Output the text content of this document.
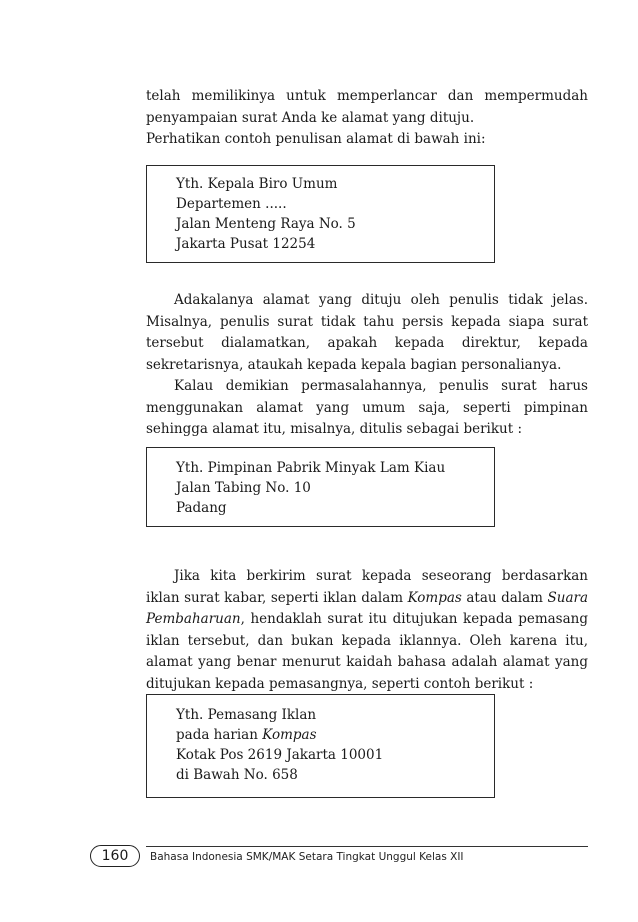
telah memilikinya untuk memperlancar dan mempermudah penyampaian surat Anda ke alamat yang dituju.

Perhatikan contoh penulisan alamat di bawah ini:

Yth. Kepala Biro Umum
Departemen .....
Jalan Menteng Raya No. 5
Jakarta Pusat 12254

Adakalanya alamat yang dituju oleh penulis tidak jelas. Misalnya, penulis surat tidak tahu persis kepada siapa surat tersebut dialamatkan, apakah kepada direktur, kepada sekretarisnya, ataukah kepada kepala bagian personalianya.

Kalau demikian permasalahannya, penulis surat harus menggunakan alamat yang umum saja, seperti pimpinan sehingga alamat itu, misalnya, ditulis sebagai berikut :

Yth. Pimpinan Pabrik Minyak Lam Kiau
Jalan Tabing No. 10
Padang

Jika kita berkirim surat kepada seseorang berdasarkan iklan surat kabar, seperti iklan dalam Kompas atau dalam Suara Pembaharuan, hendaklah surat itu ditujukan kepada pemasang iklan tersebut, dan bukan kepada iklannya. Oleh karena itu, alamat yang benar menurut kaidah bahasa adalah alamat yang ditujukan kepada pemasangnya, seperti contoh berikut :

Yth. Pemasang Iklan
pada harian Kompas
Kotak Pos 2619 Jakarta 10001
di Bawah No. 658
160	Bahasa Indonesia SMK/MAK Setara Tingkat Unggul Kelas XII
